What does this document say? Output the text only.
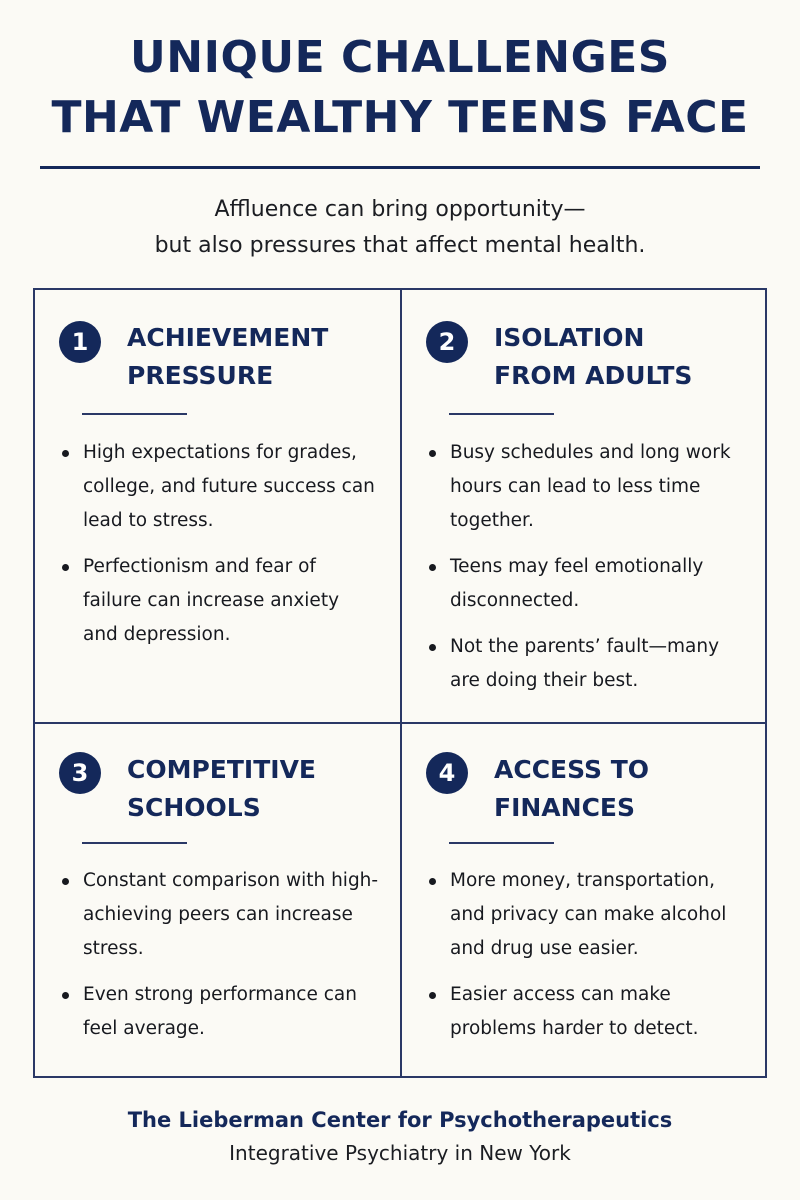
UNIQUE CHALLENGES
THAT WEALTHY TEENS FACE
Affluence can bring opportunity—
but also pressures that affect mental health.
1	ACHIEVEMENT
PRESSURE
High expectations for grades, college, and future success can lead to stress.
Perfectionism and fear of failure can increase anxiety and depression.
2	ISOLATION
FROM ADULTS
Busy schedules and long work hours can lead to less time together.
Teens may feel emotionally disconnected.
Not the parents’ fault—many are doing their best.
3	COMPETITIVE
SCHOOLS
Constant comparison with high-achieving peers can increase stress.
Even strong performance can feel average.
4	ACCESS TO
FINANCES
More money, transportation, and privacy can make alcohol and drug use easier.
Easier access can make problems harder to detect.
The Lieberman Center for Psychotherapeutics
Integrative Psychiatry in New York
